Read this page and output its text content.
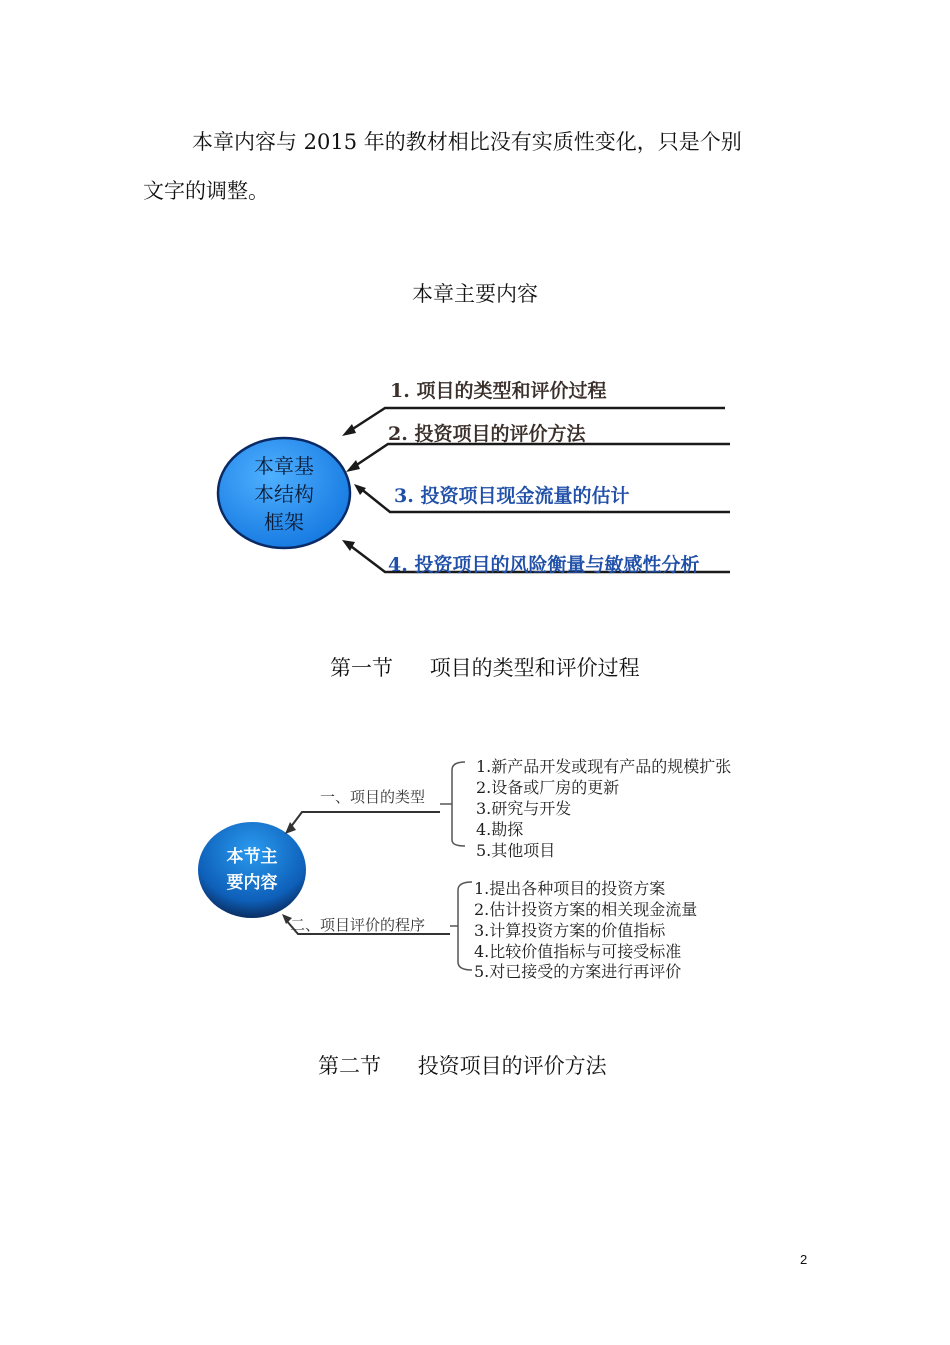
本章内容与 2015 年的教材相比没有实质性变化，只是个别
文字的调整。
本章主要内容
本章基
本结构
框架
1. 项目的类型和评价过程
2. 投资项目的评价方法
3. 投资项目现金流量的估计
4. 投资项目的风险衡量与敏感性分析
第一节 项目的类型和评价过程
本节主
要内容
一、项目的类型
1.新产品开发或现有产品的规模扩张
2.设备或厂房的更新
3.研究与开发
4.勘探
5.其他项目
二、项目评价的程序
1.提出各种项目的投资方案
2.估计投资方案的相关现金流量
3.计算投资方案的价值指标
4.比较价值指标与可接受标准
5.对已接受的方案进行再评价
第二节 投资项目的评价方法
2
